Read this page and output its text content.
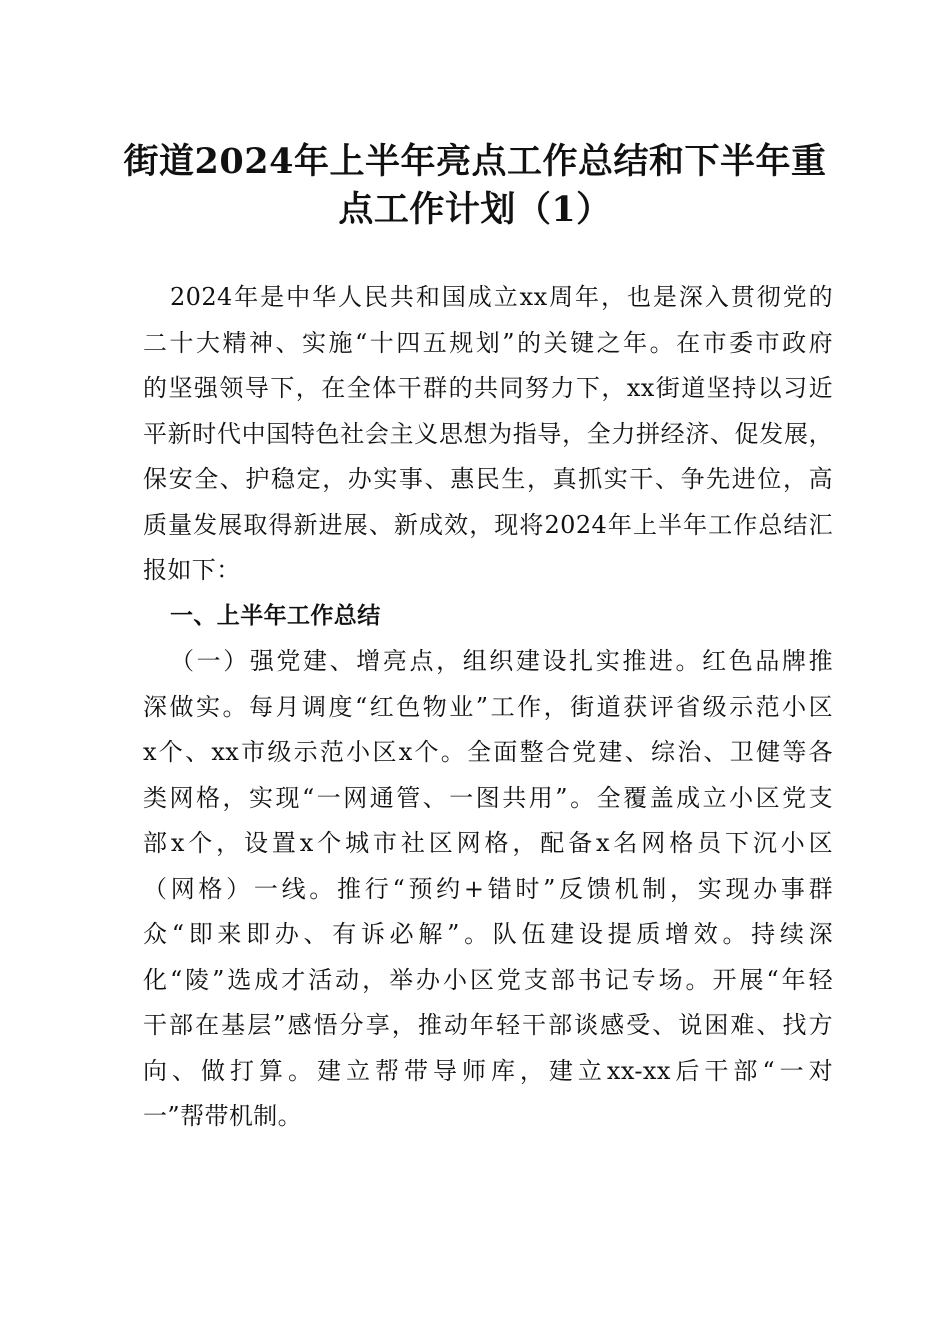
街道2024年上半年亮点工作总结和下半年重
点工作计划（1）
2024年是中华人民共和国成立xx周年，也是深入贯彻党的
二十大精神、实施“十四五规划”的关键之年。在市委市政府
的坚强领导下，在全体干群的共同努力下，xx街道坚持以习近
平新时代中国特色社会主义思想为指导，全力拼经济、促发展，
保安全、护稳定，办实事、惠民生，真抓实干、争先进位，高
质量发展取得新进展、新成效，现将2024年上半年工作总结汇
报如下：
一、上半年工作总结
（一）强党建、增亮点，组织建设扎实推进。红色品牌推
深做实。每月调度“红色物业”工作，街道获评省级示范小区
x个、xx市级示范小区x个。全面整合党建、综治、卫健等各
类网格，实现“一网通管、一图共用”。全覆盖成立小区党支
部x个，设置x个城市社区网格，配备x名网格员下沉小区
（网格）一线。推行“预约+错时”反馈机制，实现办事群
众“即来即办、有诉必解”。队伍建设提质增效。持续深
化“陵”选成才活动，举办小区党支部书记专场。开展“年轻
干部在基层”感悟分享，推动年轻干部谈感受、说困难、找方
向、做打算。建立帮带导师库，建立xx-xx后干部“一对
一”帮带机制。
